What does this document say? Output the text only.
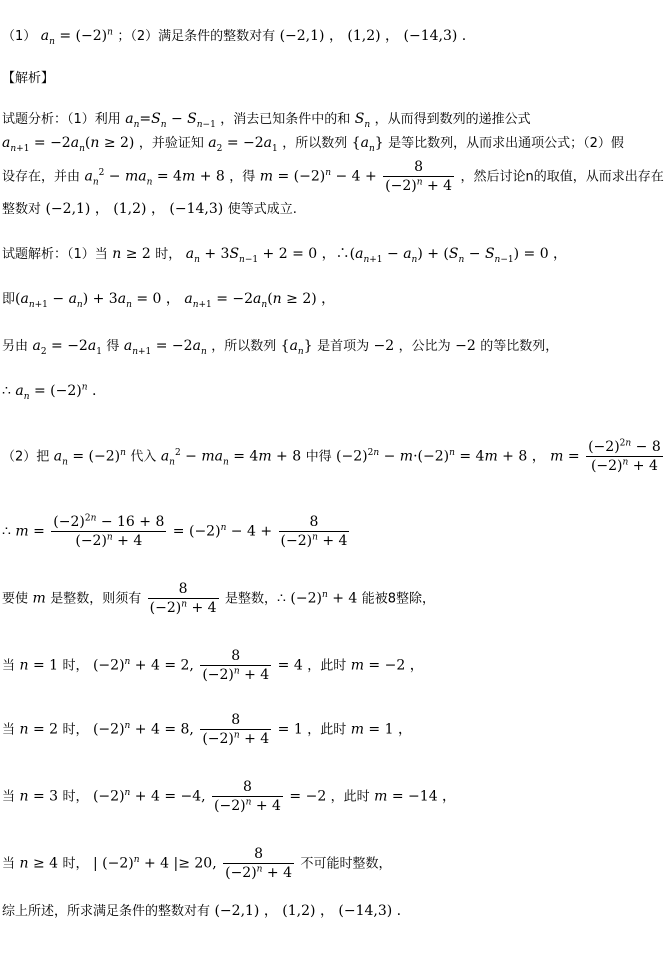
（1） $a_n = (-2)^n$ ；（2）满足条件的整数对有 (−2,1) ， (1,2) ， (−14,3) .
【解析】
试题分析：（1）利用 $a_n=S_n - S_{n-1}$ ，消去已知条件中的和 $S_n$ ，从而得到数列的递推公式
$a_{n+1} = -2a_n(n \ge 2)$ ，并验证知 $a_2 = -2a_1$ ，所以数列 $\{a_n\}$ 是等比数列，从而求出通项公式；（2）假
设存在，并由 $a_n^2 - ma_n = 4m + 8$ ，得 $m = (-2)^n - 4 + \frac{8}{(-2)^n + 4}$ ，然后讨论n的取值，从而求出存在
整数对 (−2,1) ， (1,2) ， (−14,3) 使等式成立.
试题解析：（1）当 n ≥ 2 时， $a_n + 3S_{n-1} + 2 = 0$ ，$\therefore(a_{n+1} - a_n) + (S_n - S_{n-1}) = 0$ ，
即$(a_{n+1} - a_n) + 3a_n = 0$ ， $a_{n+1} = -2a_n(n \ge 2)$ ，
另由 $a_2 = -2a_1$ 得 $a_{n+1} = -2a_n$ ，所以数列 $\{a_n\}$ 是首项为 −2 ，公比为 −2 的等比数列，
∴ $a_n = (-2)^n$ .
（2）把 $a_n = (-2)^n$ 代入 $a_n^2 - ma_n = 4m + 8$ 中得 $(-2)^{2n} - m\cdot(-2)^n = 4m + 8$ ， $m = \frac{(-2)^{2n} - 8}{(-2)^n + 4}$
∴ $m = \frac{(-2)^{2n} - 16 + 8}{(-2)^n + 4} = (-2)^n - 4 + \frac{8}{(-2)^n + 4}$
要使 m 是整数，则须有 $\frac{8}{(-2)^n + 4}$ 是整数，∴ $(-2)^n + 4$ 能被8整除，
当 n = 1 时， $(-2)^n + 4 = 2$, $\frac{8}{(-2)^n + 4} = 4$ ，此时 m = −2 ，
当 n = 2 时， $(-2)^n + 4 = 8$, $\frac{8}{(-2)^n + 4} = 1$ ，此时 m = 1 ，
当 n = 3 时， $(-2)^n + 4 = -4$, $\frac{8}{(-2)^n + 4} = -2$ ，此时 m = −14 ，
当 n ≥ 4 时， | $(-2)^n + 4$ |≥ 20, $\frac{8}{(-2)^n + 4}$ 不可能时整数，
综上所述，所求满足条件的整数对有 (−2,1) ， (1,2) ， (−14,3) .
